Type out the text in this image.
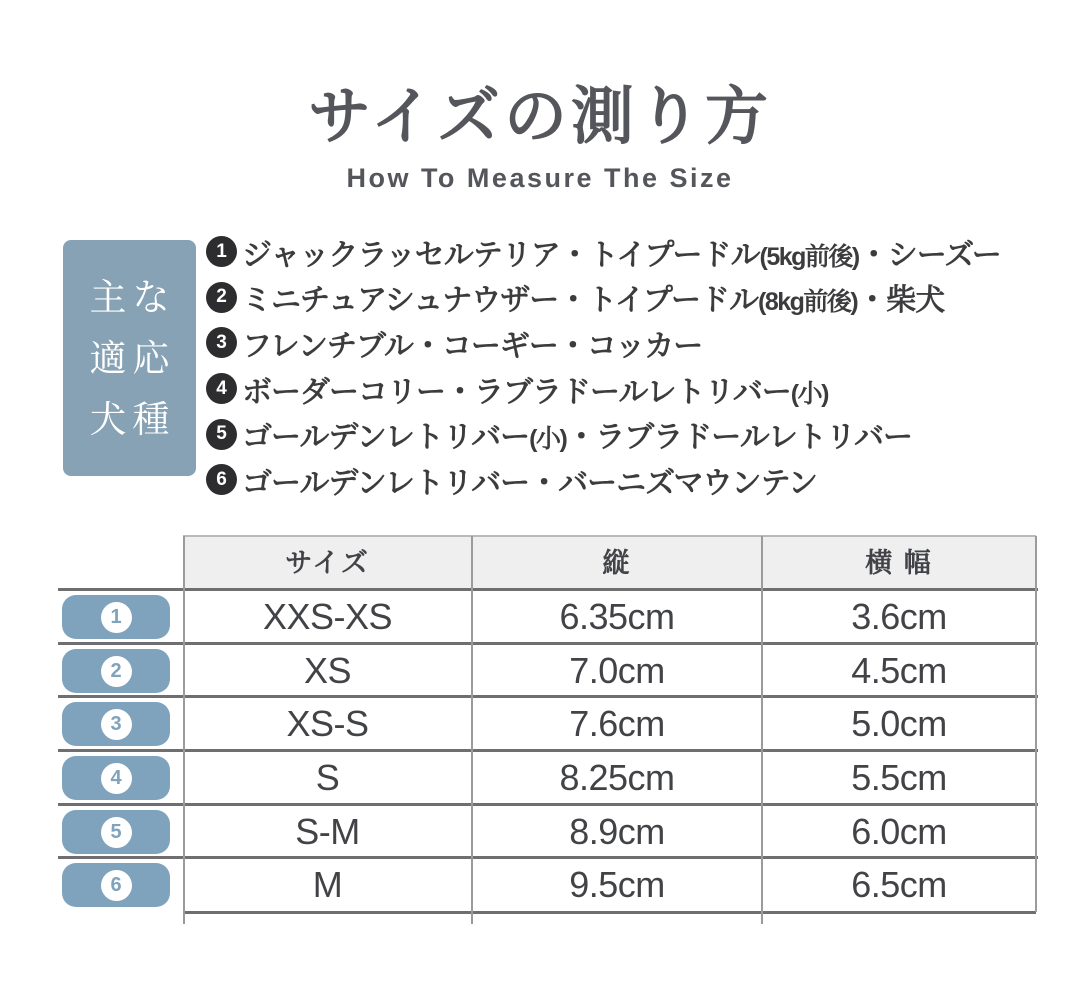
サイズの測り方
How To Measure The Size
主な
適応
犬種
1 ジャックラッセルテリア・トイプードル(5kg前後)・シーズー
2 ミニチュアシュナウザー・トイプードル(8kg前後)・柴犬
3 フレンチブル・コーギー・コッカー
4 ボーダーコリー・ラブラドールレトリバー(小)
5 ゴールデンレトリバー(小)・ラブラドールレトリバー
6 ゴールデンレトリバー・バーニズマウンテン
サイズ	縦	横 幅
1	XXS-XS	6.35cm	3.6cm
2	XS	7.0cm	4.5cm
3	XS-S	7.6cm	5.0cm
4	S	8.25cm	5.5cm
5	S-M	8.9cm	6.0cm
6	M	9.5cm	6.5cm
